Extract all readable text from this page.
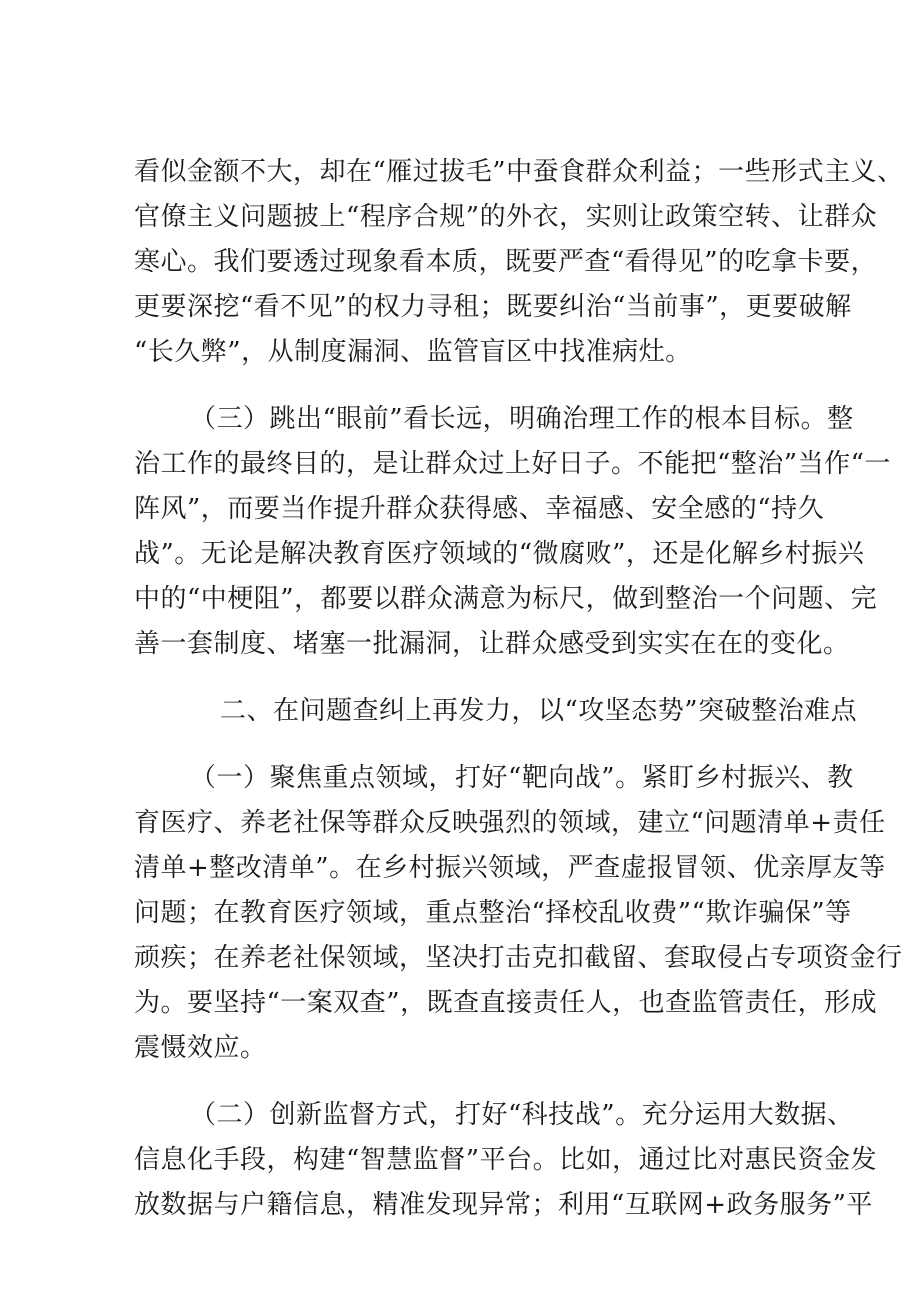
看似金额不大，却在“雁过拔毛”中蚕食群众利益；一些形式主义、
官僚主义问题披上“程序合规”的外衣，实则让政策空转、让群众
寒心。我们要透过现象看本质，既要严查“看得见”的吃拿卡要，
更要深挖“看不见”的权力寻租；既要纠治“当前事”，更要破解
“长久弊”，从制度漏洞、监管盲区中找准病灶。
（三）跳出“眼前”看长远，明确治理工作的根本目标。整
治工作的最终目的，是让群众过上好日子。不能把“整治”当作“一
阵风”，而要当作提升群众获得感、幸福感、安全感的“持久
战”。无论是解决教育医疗领域的“微腐败”，还是化解乡村振兴
中的“中梗阻”，都要以群众满意为标尺，做到整治一个问题、完
善一套制度、堵塞一批漏洞，让群众感受到实实在在的变化。
二、在问题查纠上再发力，以“攻坚态势”突破整治难点
（一）聚焦重点领域，打好“靶向战”。紧盯乡村振兴、教
育医疗、养老社保等群众反映强烈的领域，建立“问题清单+责任
清单+整改清单”。在乡村振兴领域，严查虚报冒领、优亲厚友等
问题；在教育医疗领域，重点整治“择校乱收费”“欺诈骗保”等
顽疾；在养老社保领域，坚决打击克扣截留、套取侵占专项资金行
为。要坚持“一案双查”，既查直接责任人，也查监管责任，形成
震慑效应。
（二）创新监督方式，打好“科技战”。充分运用大数据、
信息化手段，构建“智慧监督”平台。比如，通过比对惠民资金发
放数据与户籍信息，精准发现异常；利用“互联网+政务服务”平
